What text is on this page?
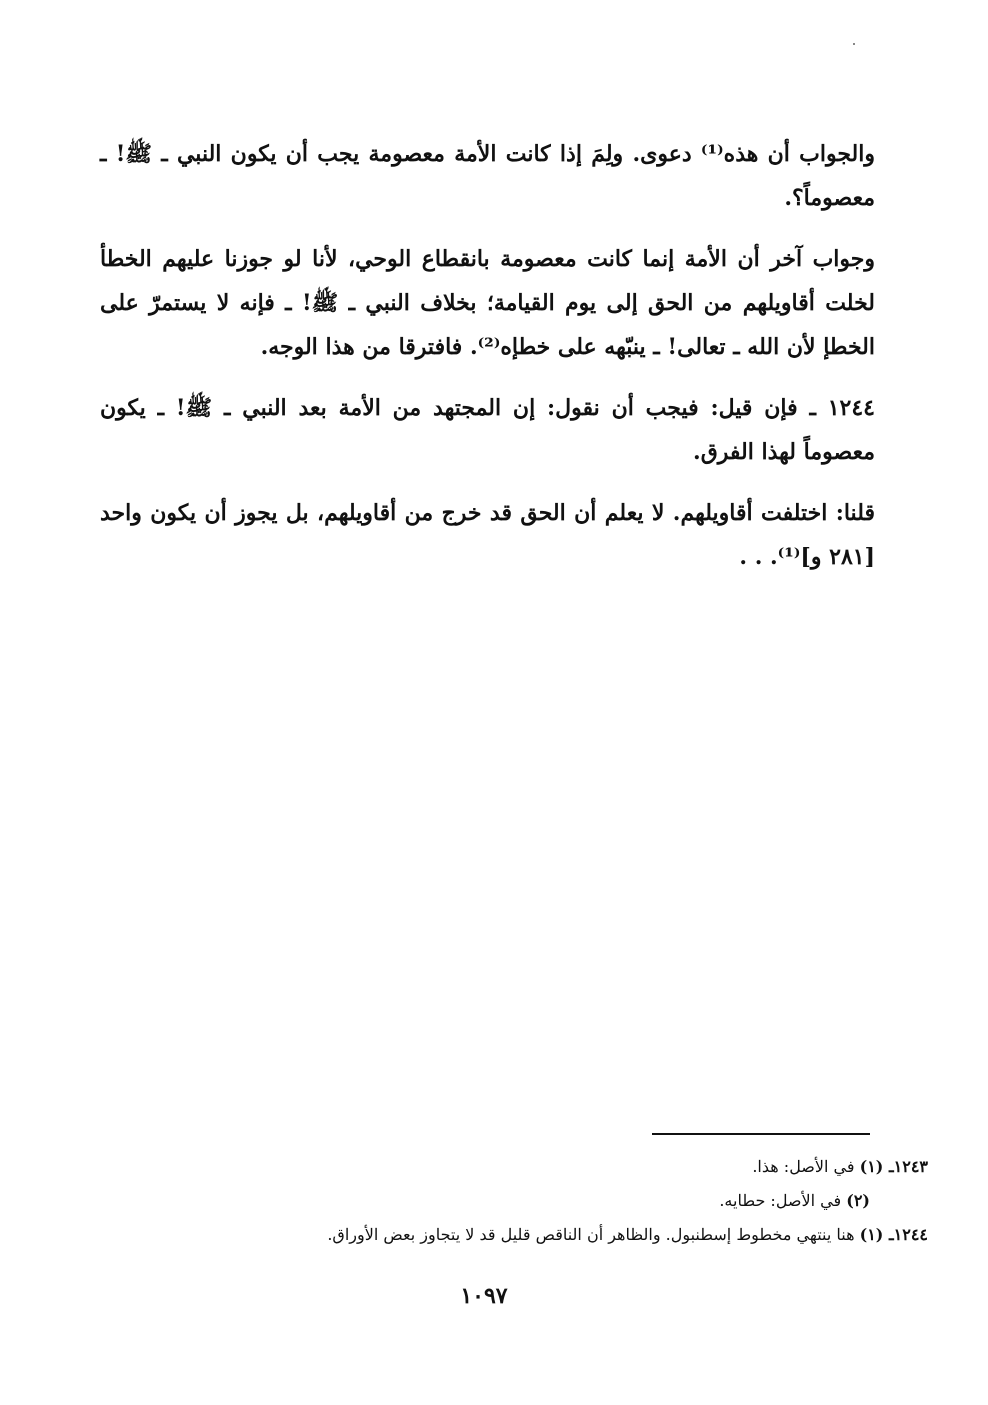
والجواب أن هذه⁽¹⁾ دعوى. ولِمَ إذا كانت الأمة معصومة يجب أن يكون النبي ـ ﷺ! ـ معصوماً؟.

وجواب آخر أن الأمة إنما كانت معصومة بانقطاع الوحي، لأنا لو جوزنا عليهم الخطأ لخلت أقاويلهم من الحق إلى يوم القيامة؛ بخلاف النبي ـ ﷺ! ـ فإنه لا يستمرّ على الخطإ لأن الله ـ تعالى! ـ ينبّهه على خطإه⁽²⁾. فافترقا من هذا الوجه.

١٢٤٤ ـ فإن قيل: فيجب أن نقول: إن المجتهد من الأمة بعد النبي ـ ﷺ! ـ يكون معصوماً لهذا الفرق.

قلنا: اختلفت أقاويلهم. لا يعلم أن الحق قد خرج من أقاويلهم، بل يجوز أن يكون واحد [٢٨١ و]⁽¹⁾. . .

١٢٤٣ـ (١) في الأصل: هذا.

(٢) في الأصل: حطايه.

١٢٤٤ـ (١) هنا ينتهي مخطوط إسطنبول. والظاهر أن الناقص قليل قد لا يتجاوز بعض الأوراق.

١٠٩٧
